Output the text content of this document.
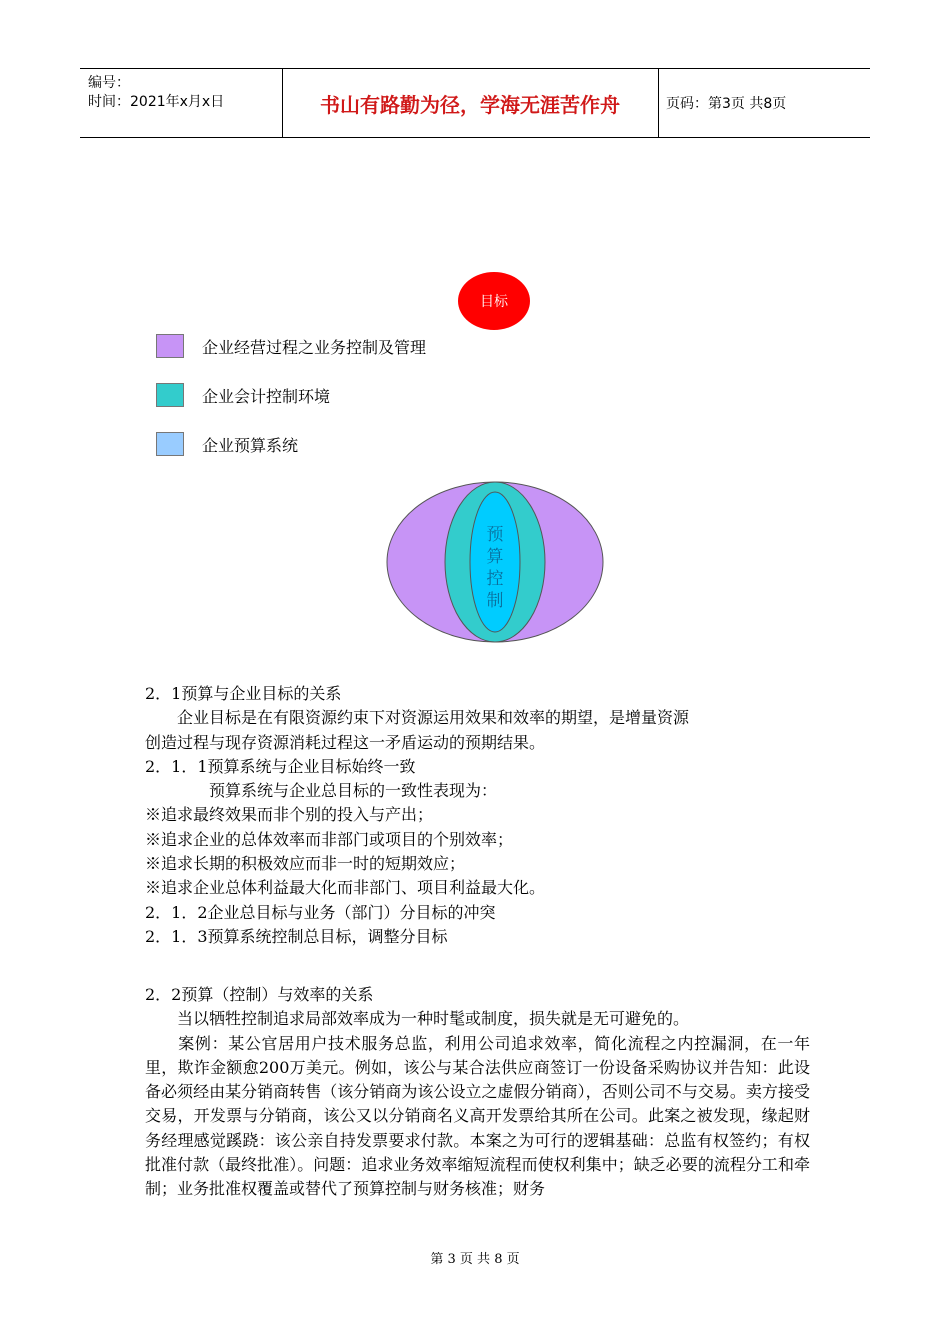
编号：
时间：2021年x月x日	书山有路勤为径，学海无涯苦作舟	页码：第3页 共8页
目标
企业经营过程之业务控制及管理
企业会计控制环境
企业预算系统
预
算
控
制

2．1预算与企业目标的关系

　　企业目标是在有限资源约束下对资源运用效果和效率的期望，是增量资源

创造过程与现存资源消耗过程这一矛盾运动的预期结果。

2．1．1预算系统与企业目标始终一致

　　　　预算系统与企业总目标的一致性表现为：

※追求最终效果而非个别的投入与产出；

※追求企业的总体效率而非部门或项目的个别效率；

※追求长期的积极效应而非一时的短期效应；

※追求企业总体利益最大化而非部门、项目利益最大化。

2．1．2企业总目标与业务（部门）分目标的冲突

2．1．3预算系统控制总目标，调整分目标

2．2预算（控制）与效率的关系

　　当以牺牲控制追求局部效率成为一种时髦或制度，损失就是无可避免的。

　　案例：某公官居用户技术服务总监，利用公司追求效率，简化流程之内控漏洞，在一年里，欺诈金额愈200万美元。例如，该公与某合法供应商签订一份设备采购协议并告知：此设备必须经由某分销商转售（该分销商为该公设立之虚假分销商），否则公司不与交易。卖方接受交易，开发票与分销商，该公又以分销商名义高开发票给其所在公司。此案之被发现，缘起财务经理感觉蹊跷：该公亲自持发票要求付款。本案之为可行的逻辑基础：总监有权签约；有权批准付款（最终批准）。问题：追求业务效率缩短流程而使权利集中；缺乏必要的流程分工和牵制；业务批准权覆盖或替代了预算控制与财务核准；财务

第 3 页 共 8 页
